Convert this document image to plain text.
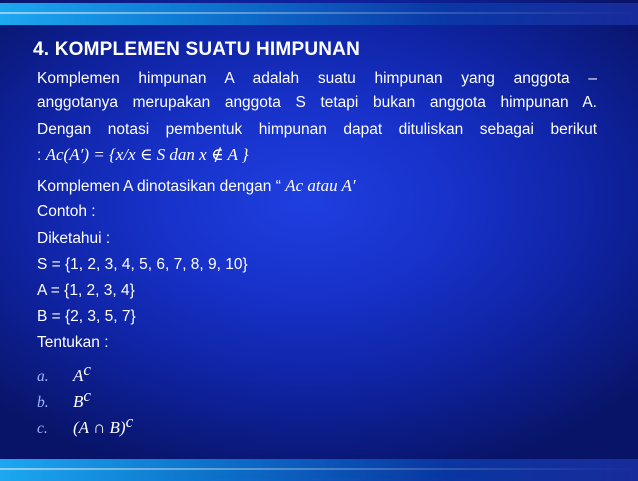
4. KOMPLEMEN SUATU HIMPUNAN
Komplemen himpunan A adalah suatu himpunan yang anggota –
anggotanya merupakan anggota S tetapi bukan anggota himpunan A.
Dengan notasi pembentuk himpunan dapat dituliskan sebagai berikut
: Ac(A′) = {x/x ∈ S dan x ∉ A }
Komplemen A dinotasikan dengan “ Ac atau A′
Contoh :
Diketahui :
S = {1, 2, 3, 4, 5, 6, 7, 8, 9, 10}
A = {1, 2, 3, 4}
B = {2, 3, 5, 7}
Tentukan :
a. $A^c$
b. $B^c$
c. (A ∩ B)$^c$
